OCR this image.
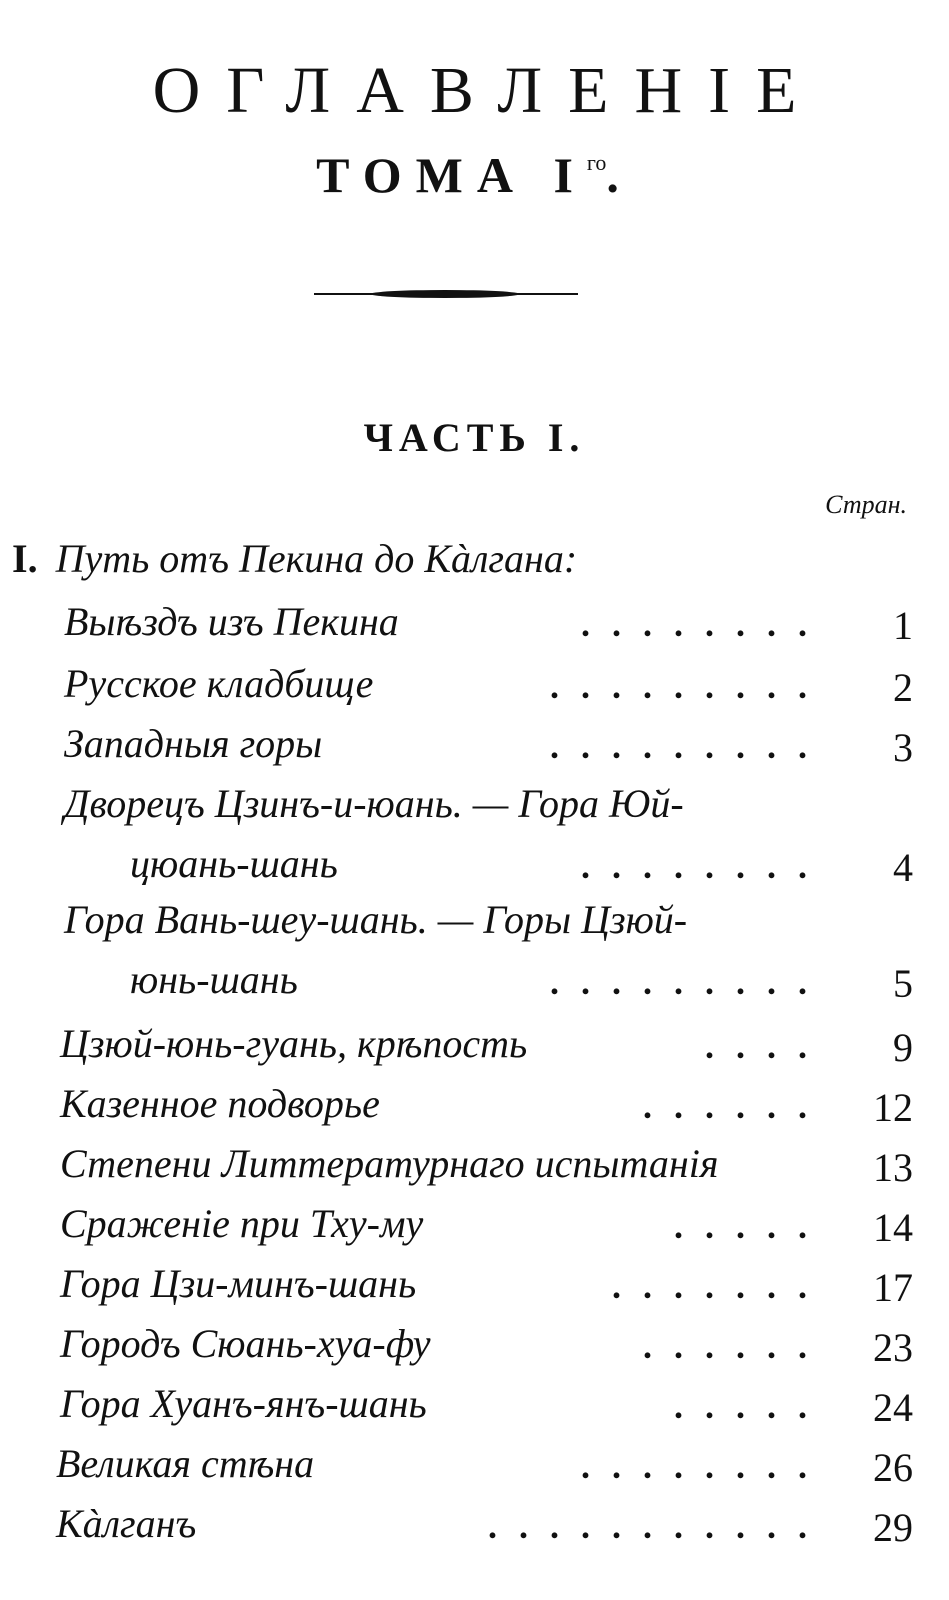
ОГЛАВЛЕНІЕ
ТОМА $I^{го}$.
ЧАСТЬ I.
Стран.
I. Путь отъ Пекина до Кàлгана:
Выѣздъ изъ Пекина	........	1
Русское кладбище	.........	2
Западныя горы	.........	3
Дворецъ Цзинъ-и-юань. — Гора Юй-
цюань-шань	........	4
Гора Вань-шеу-шань. — Горы Цзюй-
юнь-шань	.........	5
Цзюй-юнь-гуань, крѣпость	....	9
Казенное подворье	......	12
Степени Литтературнаго испытанія	13
Сраженіе при Тху-му	.....	14
Гора Цзи-минъ-шань	.......	17
Городъ Сюань-хуа-фу	......	23
Гора Хуанъ-янъ-шань	.....	24
Великая стѣна	........	26
Кàлганъ	...........	29
